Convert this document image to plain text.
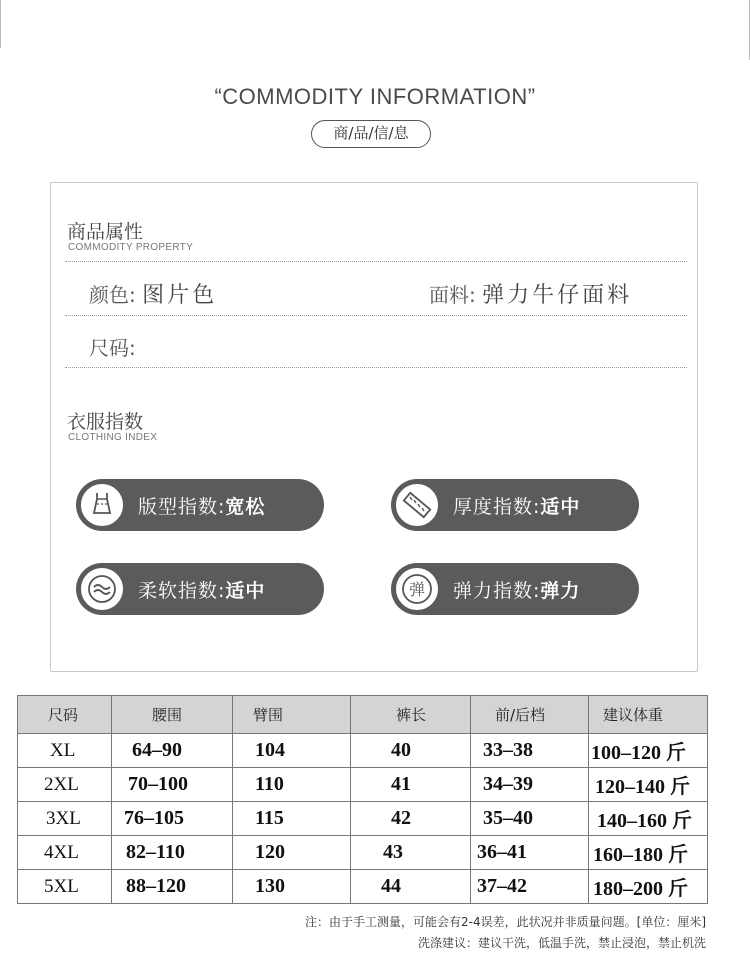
“COMMODITY INFORMATION”
商/品/信/息
商品属性
COMMODITY PROPERTY
颜色: 图片色	面料: 弹力牛仔面料
尺码:
衣服指数
CLOTHING INDEX
版型指数:宽松	厚度指数:适中
柔软指数:适中	弹 弹力指数:弹力
尺码	腰围	臂围	裤长	前/后档	建议体重
XL	64–90	104	40	33–38	100–120 斤
2XL	70–100	110	41	34–39	120–140 斤
3XL	76–105	115	42	35–40	140–160 斤
4XL	82–110	120	43	36–41	160–180 斤
5XL	88–120	130	44	37–42	180–200 斤
注：由于手工测量，可能会有2-4误差，此状况并非质量问题。[单位：厘米]
洗涤建议：建议干洗，低温手洗，禁止浸泡，禁止机洗
